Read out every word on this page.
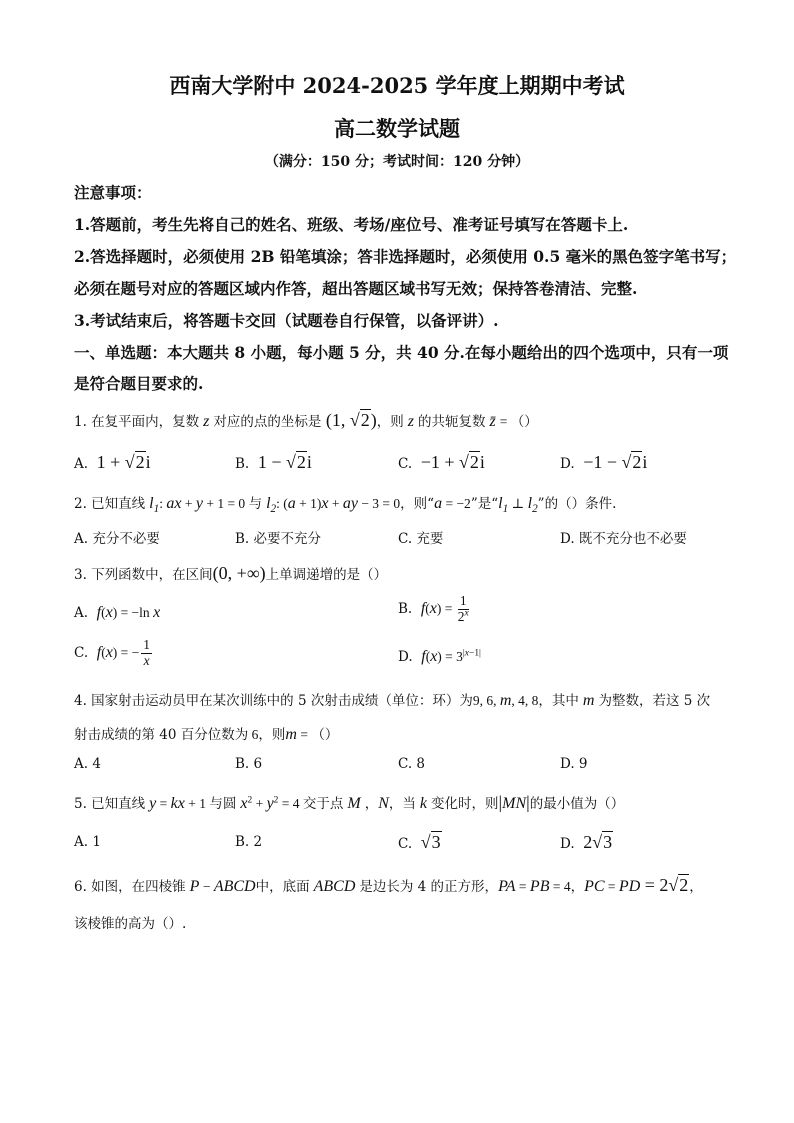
西南大学附中 2024-2025 学年度上期期中考试
高二数学试题
（满分：150 分；考试时间：120 分钟）
注意事项：
1.答题前，考生先将自己的姓名、班级、考场/座位号、准考证号填写在答题卡上.
2.答选择题时，必须使用 2B 铅笔填涂；答非选择题时，必须使用 0.5 毫米的黑色签字笔书写；
必须在题号对应的答题区域内作答，超出答题区域书写无效；保持答卷清洁、完整.
3.考试结束后，将答题卡交回（试题卷自行保管，以备评讲）.
一、单选题：本大题共 8 小题，每小题 5 分，共 40 分.在每小题给出的四个选项中，只有一项
是符合题目要求的.
1. 在复平面内，复数 z 对应的点的坐标是 (1, √2)，则 z 的共轭复数 z̄ = （）
A. 1 + √2i	B. 1 − √2i	C. −1 + √2i	D. −1 − √2i
2. 已知直线 $l_1$: ax + y + 1 = 0 与 $l_2$: (a + 1)x + ay − 3 = 0，则“a = −2”是“$l_1$ ⊥ $l_2$”的（）条件.
A. 充分不必要	B. 必要不充分	C. 充要	D. 既不充分也不必要
3. 下列函数中，在区间(0, +∞)上单调递增的是（）
A. f(x) = −ln x	B. $f(x) = \frac{1}{2^x}$
C. f(x) = − $\frac{1}{x}$	D. $f(x) = 3^{|x-1|}$
4. 国家射击运动员甲在某次训练中的 5 次射击成绩（单位：环）为9, 6, m, 4, 8，其中 m 为整数，若这 5 次
射击成绩的第 40 百分位数为 6，则m = （）
A. 4	B. 6	C. 8	D. 9
5. 已知直线 y = kx + 1 与圆 $x^2 + y^2 = 4$ 交于点 M ，N，当 k 变化时，则|MN|的最小值为（）
A. 1	B. 2	C. √3	D. 2√3
6. 如图，在四棱锥 P − ABCD中，底面 ABCD 是边长为 4 的正方形，PA = PB = 4，PC = PD = 2√2，
该棱锥的高为（）.
